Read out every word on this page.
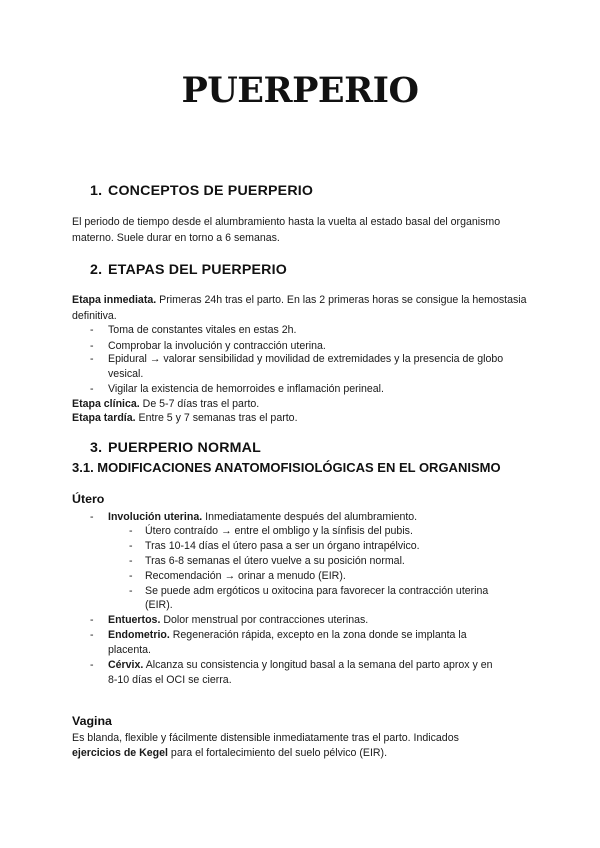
PUERPERIO
1. CONCEPTOS DE PUERPERIO
El periodo de tiempo desde el alumbramiento hasta la vuelta al estado basal del organismo materno. Suele durar en torno a 6 semanas.
2. ETAPAS DEL PUERPERIO
Etapa inmediata. Primeras 24h tras el parto. En las 2 primeras horas se consigue la hemostasia definitiva.
- Toma de constantes vitales en estas 2h.
- Comprobar la involución y contracción uterina.
- Epidural → valorar sensibilidad y movilidad de extremidades y la presencia de globo
vesical.
- Vigilar la existencia de hemorroides e inflamación perineal.
Etapa clínica. De 5-7 días tras el parto.
Etapa tardía. Entre 5 y 7 semanas tras el parto.
3. PUERPERIO NORMAL
3.1. MODIFICACIONES ANATOMOFISIOLÓGICAS EN EL ORGANISMO
Útero
- Involución uterina. Inmediatamente después del alumbramiento.
- Útero contraído → entre el ombligo y la sínfisis del pubis.
- Tras 10-14 días el útero pasa a ser un órgano intrapélvico.
- Tras 6-8 semanas el útero vuelve a su posición normal.
- Recomendación → orinar a menudo (EIR).
- Se puede adm ergóticos u oxitocina para favorecer la contracción uterina
(EIR).
- Entuertos. Dolor menstrual por contracciones uterinas.
- Endometrio. Regeneración rápida, excepto en la zona donde se implanta la
placenta.
- Cérvix. Alcanza su consistencia y longitud basal a la semana del parto aprox y en
8-10 días el OCI se cierra.
Vagina
Es blanda, flexible y fácilmente distensible inmediatamente tras el parto. Indicados
ejercicios de Kegel para el fortalecimiento del suelo pélvico (EIR).
